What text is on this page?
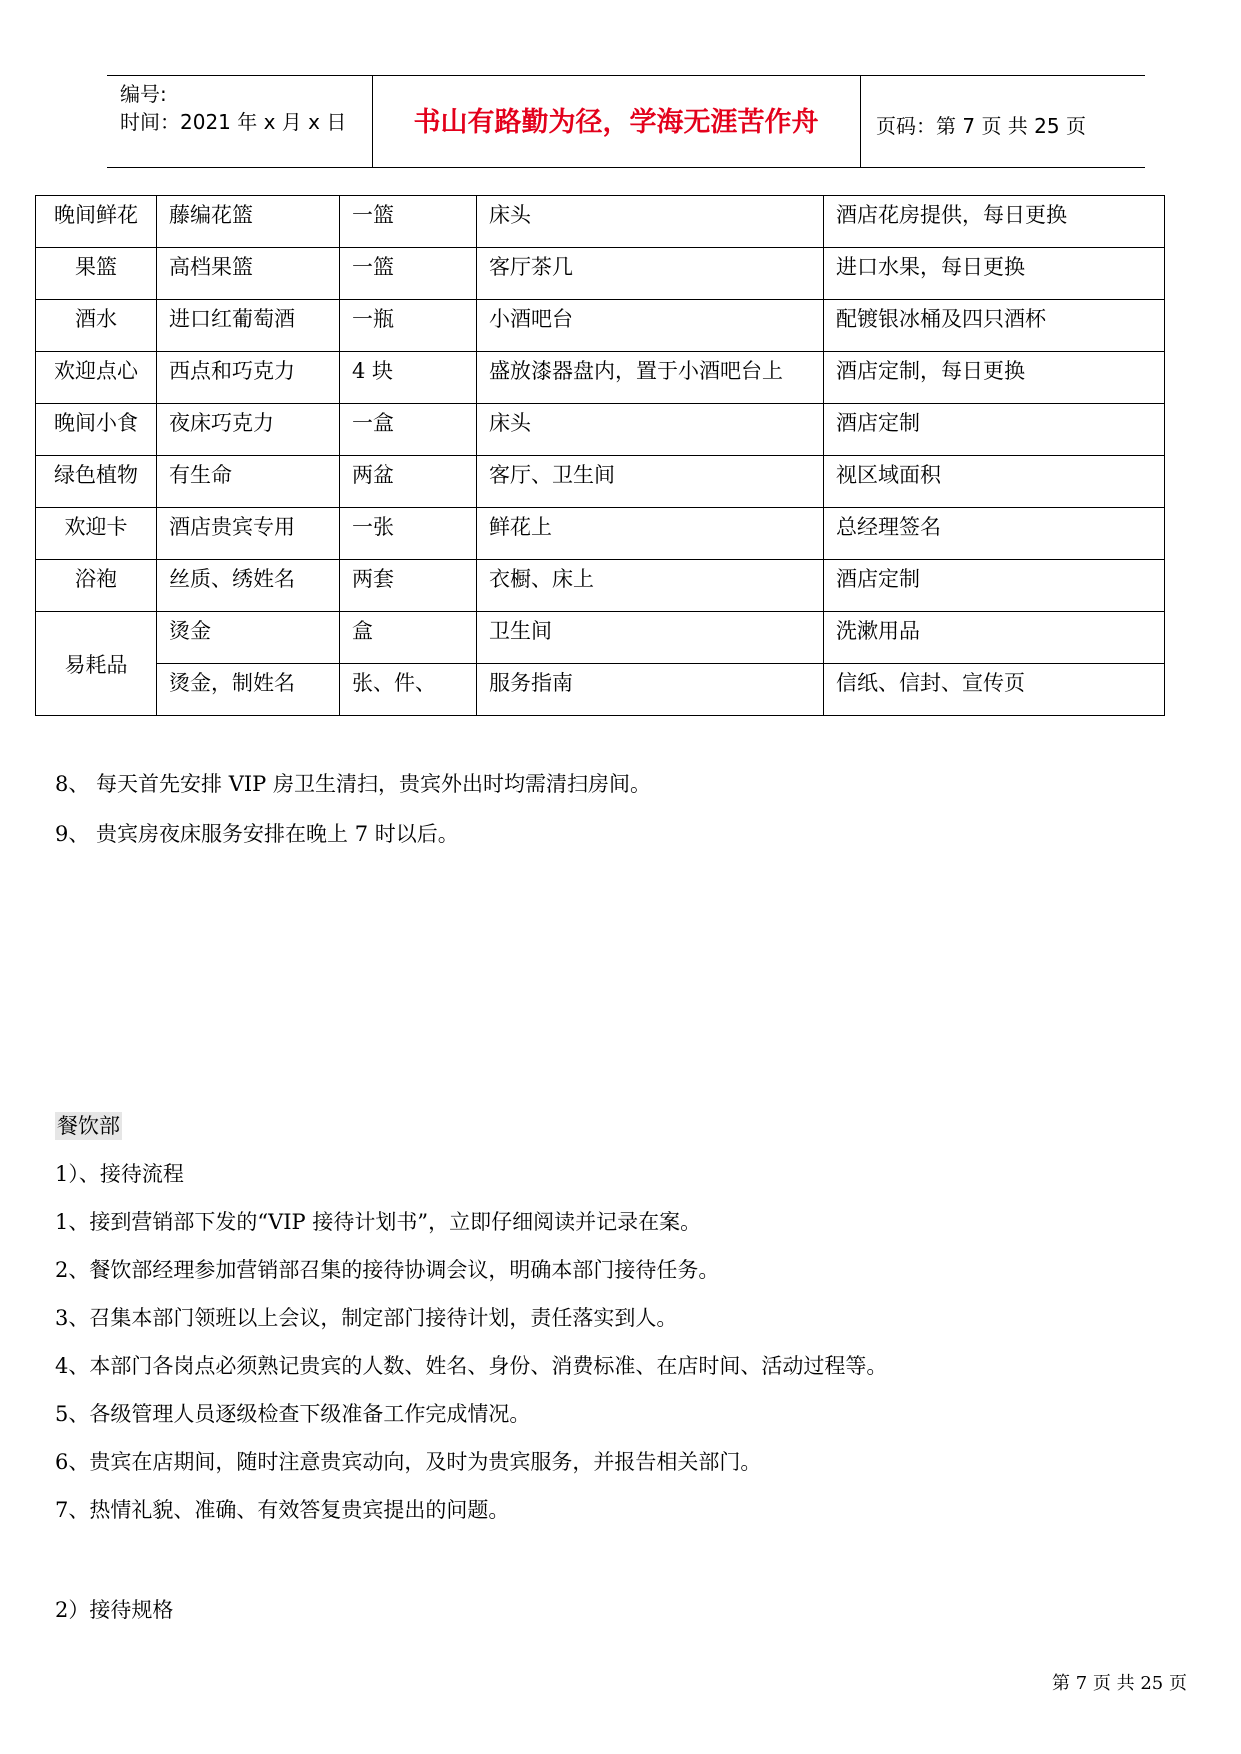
编号:
时间：2021 年 x 月 x 日	书山有路勤为径，学海无涯苦作舟	页码：第 7 页 共 25 页
晚间鲜花	藤编花篮	一篮	床头	酒店花房提供，每日更换
果篮	高档果篮	一篮	客厅茶几	进口水果，每日更换
酒水	进口红葡萄酒	一瓶	小酒吧台	配镀银冰桶及四只酒杯
欢迎点心	西点和巧克力	4 块	盛放漆器盘内，置于小酒吧台上	酒店定制，每日更换
晚间小食	夜床巧克力	一盒	床头	酒店定制
绿色植物	有生命	两盆	客厅、卫生间	视区域面积
欢迎卡	酒店贵宾专用	一张	鲜花上	总经理签名
浴袍	丝质、绣姓名	两套	衣橱、床上	酒店定制
易耗品	烫金	盒	卫生间	洗漱用品
	烫金，制姓名	张、件、	服务指南	信纸、信封、宣传页
8、 每天首先安排 VIP 房卫生清扫，贵宾外出时均需清扫房间。
9、 贵宾房夜床服务安排在晚上 7 时以后。
餐饮部
1）、接待流程
1、接到营销部下发的“VIP 接待计划书”，立即仔细阅读并记录在案。
2、餐饮部经理参加营销部召集的接待协调会议，明确本部门接待任务。
3、召集本部门领班以上会议，制定部门接待计划，责任落实到人。
4、本部门各岗点必须熟记贵宾的人数、姓名、身份、消费标准、在店时间、活动过程等。
5、各级管理人员逐级检查下级准备工作完成情况。
6、贵宾在店期间，随时注意贵宾动向，及时为贵宾服务，并报告相关部门。
7、热情礼貌、准确、有效答复贵宾提出的问题。
2）接待规格
第 7 页 共 25 页
